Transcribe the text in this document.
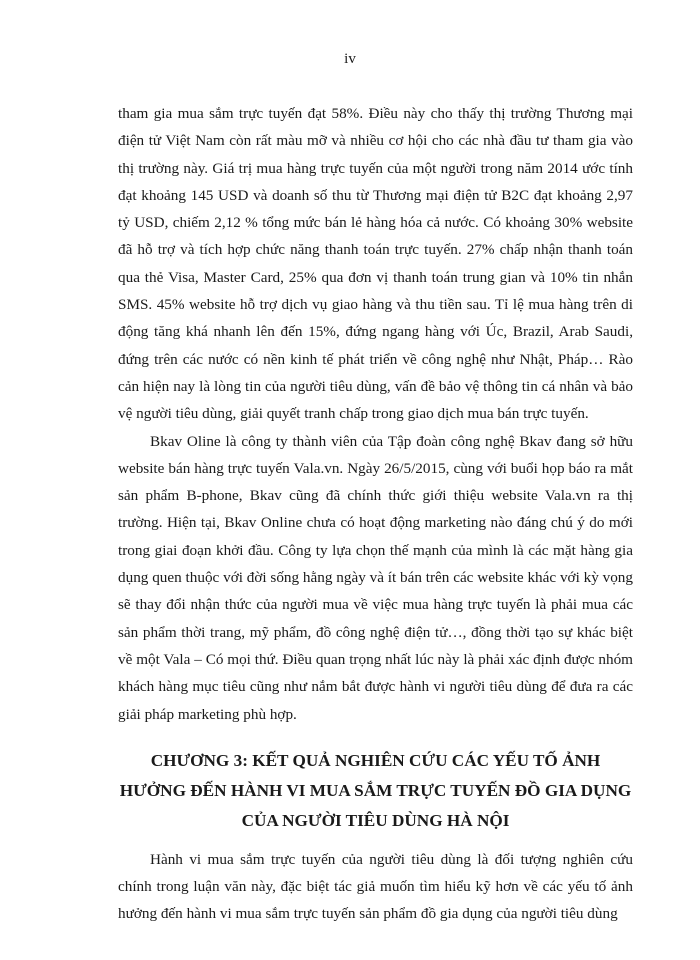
iv

tham gia mua sắm trực tuyến đạt 58%. Điều này cho thấy thị trường Thương mại điện tử Việt Nam còn rất màu mỡ và nhiều cơ hội cho các nhà đầu tư tham gia vào thị trường này. Giá trị mua hàng trực tuyến của một người trong năm 2014 ước tính đạt khoảng 145 USD và doanh số thu từ Thương mại điện tử B2C đạt khoảng 2,97 tỷ USD, chiếm 2,12 % tổng mức bán lẻ hàng hóa cả nước. Có khoảng 30% website đã hỗ trợ và tích hợp chức năng thanh toán trực tuyến. 27% chấp nhận thanh toán qua thẻ Visa, Master Card, 25% qua đơn vị thanh toán trung gian và 10% tin nhắn SMS. 45% website hỗ trợ dịch vụ giao hàng và thu tiền sau. Tỉ lệ mua hàng trên di động tăng khá nhanh lên đến 15%, đứng ngang hàng với Úc, Brazil, Arab Saudi, đứng trên các nước có nền kinh tế phát triển về công nghệ như Nhật, Pháp… Rào cản hiện nay là lòng tin của người tiêu dùng, vấn đề bảo vệ thông tin cá nhân và bảo vệ người tiêu dùng, giải quyết tranh chấp trong giao dịch mua bán trực tuyến.

Bkav Oline là công ty thành viên của Tập đoàn công nghệ Bkav đang sở hữu website bán hàng trực tuyến Vala.vn. Ngày 26/5/2015, cùng với buổi họp báo ra mắt sản phẩm B-phone, Bkav cũng đã chính thức giới thiệu website Vala.vn ra thị trường. Hiện tại, Bkav Online chưa có hoạt động marketing nào đáng chú ý do mới trong giai đoạn khởi đầu. Công ty lựa chọn thế mạnh của mình là các mặt hàng gia dụng quen thuộc với đời sống hằng ngày và ít bán trên các website khác với kỳ vọng sẽ thay đổi nhận thức của người mua về việc mua hàng trực tuyến là phải mua các sản phẩm thời trang, mỹ phẩm, đồ công nghệ điện tử…, đồng thời tạo sự khác biệt về một Vala – Có mọi thứ. Điều quan trọng nhất lúc này là phải xác định được nhóm khách hàng mục tiêu cũng như nắm bắt được hành vi người tiêu dùng để đưa ra các giải pháp marketing phù hợp.

CHƯƠNG 3: KẾT QUẢ NGHIÊN CỨU CÁC YẾU TỐ ẢNH HƯỞNG ĐẾN HÀNH VI MUA SẮM TRỰC TUYẾN ĐỒ GIA DỤNG CỦA NGƯỜI TIÊU DÙNG HÀ NỘI

Hành vi mua sắm trực tuyến của người tiêu dùng là đối tượng nghiên cứu chính trong luận văn này, đặc biệt tác giả muốn tìm hiểu kỹ hơn về các yếu tố ảnh hưởng đến hành vi mua sắm trực tuyến sản phẩm đồ gia dụng của người tiêu dùng
